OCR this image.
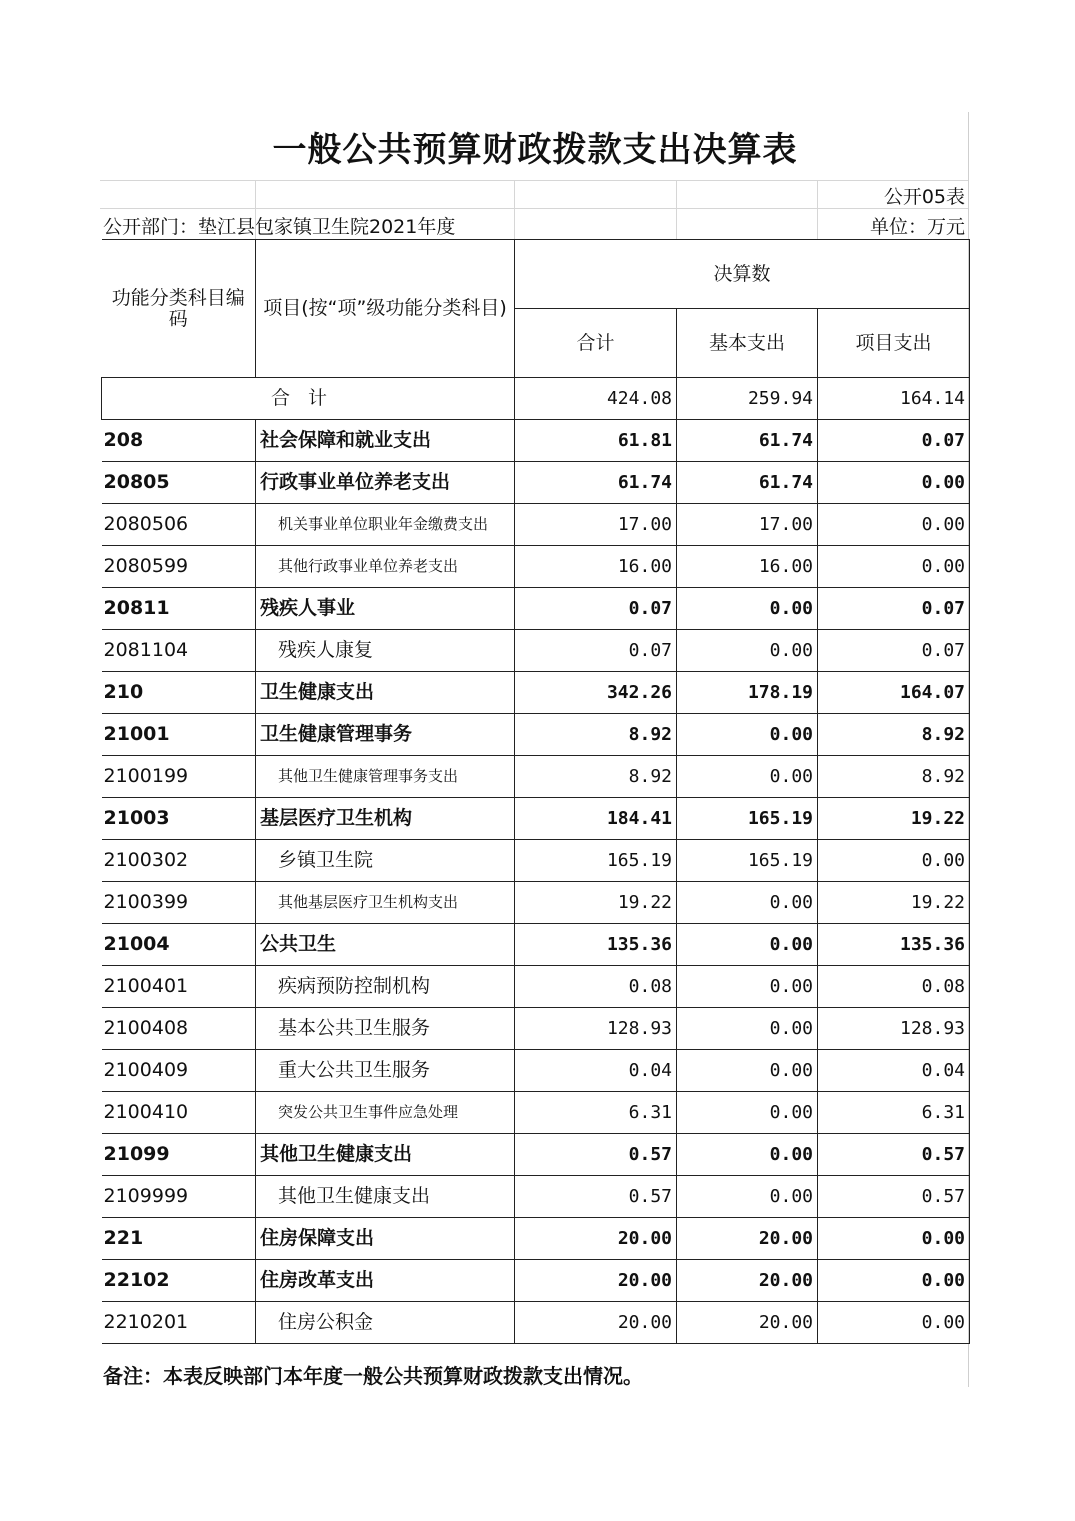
一般公共预算财政拨款支出决算表
公开05表
公开部门：垫江县包家镇卫生院2021年度	单位：万元
功能分类科目编码	项目(按“项”级功能分类科目)	决算数		
		合计	基本支出	项目支出
合计		424.08	259.94	164.14
208	社会保障和就业支出	61.81	61.74	0.07
20805	行政事业单位养老支出	61.74	61.74	0.00
2080506	机关事业单位职业年金缴费支出	17.00	17.00	0.00
2080599	其他行政事业单位养老支出	16.00	16.00	0.00
20811	残疾人事业	0.07	0.00	0.07
2081104	残疾人康复	0.07	0.00	0.07
210	卫生健康支出	342.26	178.19	164.07
21001	卫生健康管理事务	8.92	0.00	8.92
2100199	其他卫生健康管理事务支出	8.92	0.00	8.92
21003	基层医疗卫生机构	184.41	165.19	19.22
2100302	乡镇卫生院	165.19	165.19	0.00
2100399	其他基层医疗卫生机构支出	19.22	0.00	19.22
21004	公共卫生	135.36	0.00	135.36
2100401	疾病预防控制机构	0.08	0.00	0.08
2100408	基本公共卫生服务	128.93	0.00	128.93
2100409	重大公共卫生服务	0.04	0.00	0.04
2100410	突发公共卫生事件应急处理	6.31	0.00	6.31
21099	其他卫生健康支出	0.57	0.00	0.57
2109999	其他卫生健康支出	0.57	0.00	0.57
221	住房保障支出	20.00	20.00	0.00
22102	住房改革支出	20.00	20.00	0.00
2210201	住房公积金	20.00	20.00	0.00
备注：本表反映部门本年度一般公共预算财政拨款支出情况。
